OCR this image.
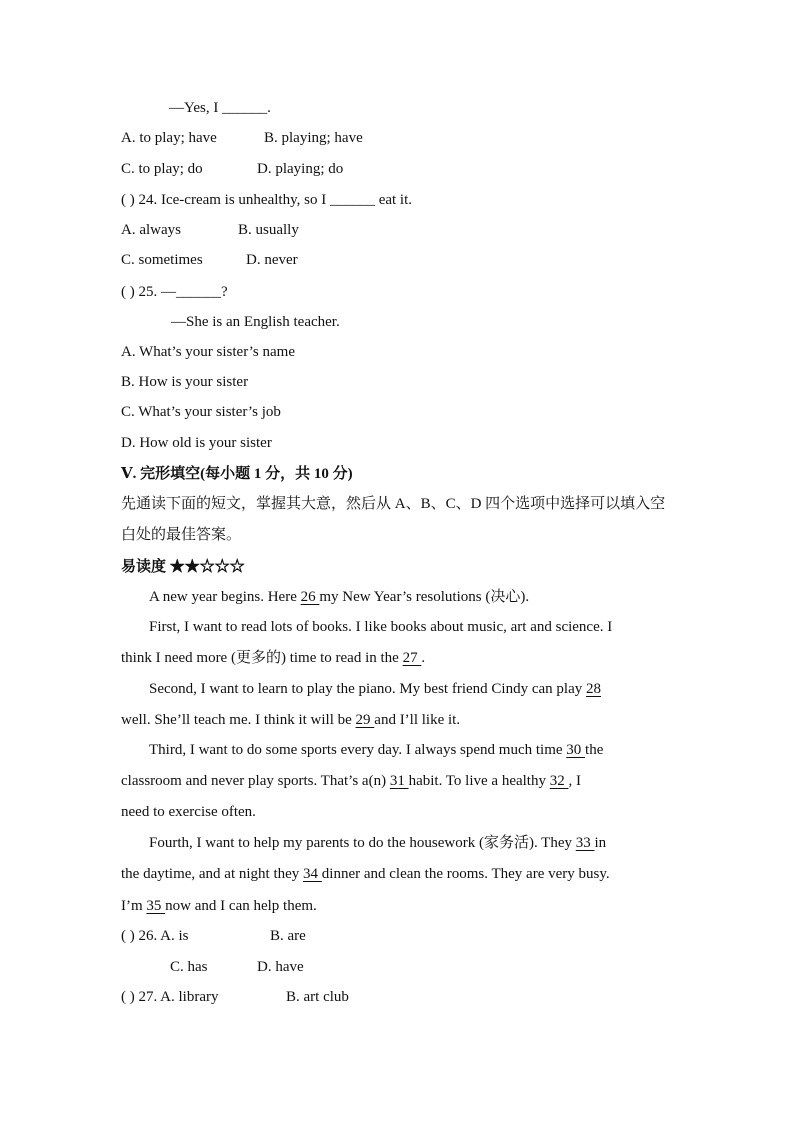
—Yes, I ______.
A. to play; have	B. playing; have
C. to play; do	D. playing; do
( ) 24. Ice-cream is unhealthy, so I ______ eat it.
A. always	B. usually
C. sometimes	D. never
( ) 25. —______?
—She is an English teacher.
A. What’s your sister’s name
B. How is your sister
C. What’s your sister’s job
D. How old is your sister
Ⅴ. 完形填空(每小题 1 分，共 10 分)
先通读下面的短文，掌握其大意，然后从 A、B、C、D 四个选项中选择可以填入空
白处的最佳答案。
易读度 ★★☆☆☆
A new year begins. Here 26 my New Year’s resolutions (决心).
First, I want to read lots of books. I like books about music, art and science. I
think I need more (更多的) time to read in the 27 .
Second, I want to learn to play the piano. My best friend Cindy can play 28
well. She’ll teach me. I think it will be 29 and I’ll like it.
Third, I want to do some sports every day. I always spend much time 30 the
classroom and never play sports. That’s a(n) 31 habit. To live a healthy 32 , I
need to exercise often.
Fourth, I want to help my parents to do the housework (家务活). They 33 in
the daytime, and at night they 34 dinner and clean the rooms. They are very busy.
I’m 35 now and I can help them.
( ) 26. A. is	B. are
C. has	D. have
( ) 27. A. library	B. art club
